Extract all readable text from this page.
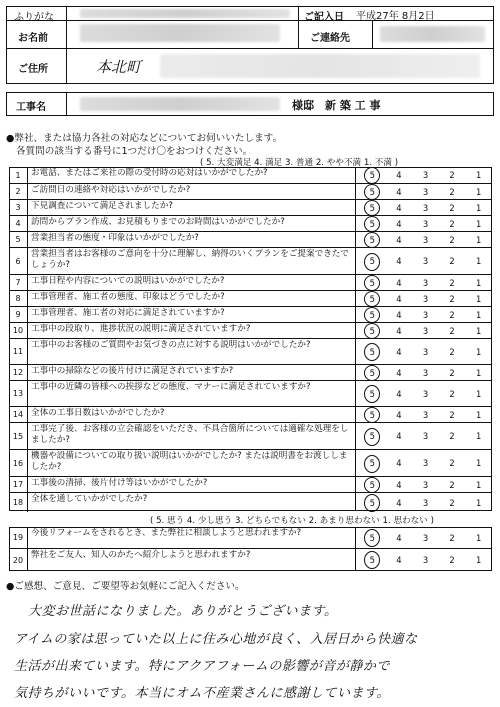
ふりがな
お名前
ご住所	本北町
ご記入日 平成27年 8月2日
ご連絡先
工事名	様邸　新 築 工 事
●弊社、または協力各社の対応などについてお伺いいたします。
各質問の該当する番号に1つだけ〇をおつけください。
( 5. 大変満足 4. 満足 3. 普通 2. やや不満 1. 不満 )
( 5. 思う 4. 少し思う 3. どちらでもない 2. あまり思わない 1. 思わない )
●ご感想、ご意見、ご要望等お気軽にご記入ください。
大変お世話になりました。ありがとうございます。
アイムの家は思っていた以上に住み心地が良く、入居日から快適な
生活が出来ています。特にアクアフォームの影響が音が静かで
気持ちがいいです。本当にオム不産業さんに感謝しています。
1	お電話、またはご来社の際の受付時の応対はいかがでしたか?	5	4	3	2	1
2	ご訪問日の連絡や対応はいかがでしたか?	5	4	3	2	1
3	下見調査について満足されましたか?	5	4	3	2	1
4	訪問からプラン作成、お見積もりまでのお時間はいかがでしたか?	5	4	3	2	1
5	営業担当者の態度・印象はいかがでしたか?	5	4	3	2	1
6
営業担当者はお客様のご意向を十分に理解し、納得のいくプランをご提案できたでしょうか?	5	4	3	2	1
7	工事日程や内容についての説明はいかがでしたか?	5	4	3	2	1
8	工事管理者、施工者の態度、印象はどうでしたか?	5	4	3	2	1
9	工事管理者、施工者の対応に満足されていますか?	5	4	3	2	1
10 工事中の段取り、進捗状況の説明に満足されていますか?	5	4	3	2	1
11
工事中のお客様のご質問やお気づきの点に対する説明はいかがでしたか?
5	4	3	2	1
12 工事中の掃除などの後片付けに満足されていますか?	5	4	3	2	1
13
工事中の近隣の皆様への挨拶などの態度、マナーに満足されていますか?
5	4	3	2	1
14 全体の工事日数はいかがでしたか?	5	4	3	2	1
15
工事完了後、お客様の立会確認をいただき、不具合箇所については適確な処理をしましたか?	5	4	3	2	1
16
機器や設備についての取り扱い説明はいかがでしたか? または説明書をお渡ししましたか?	5	4	3	2	1
17 工事後の清掃、後片付け等はいかがでしたか?	5	4	3	2	1
18 全体を通していかがでしたか?	5	4	3	2	1
19 今後リフォームをされるとき、また弊社に相談しようと思われますか?	5	4	3	2	1
20 弊社をご友人、知人のかたへ紹介しようと思われますか?	5	4	3	2	1
